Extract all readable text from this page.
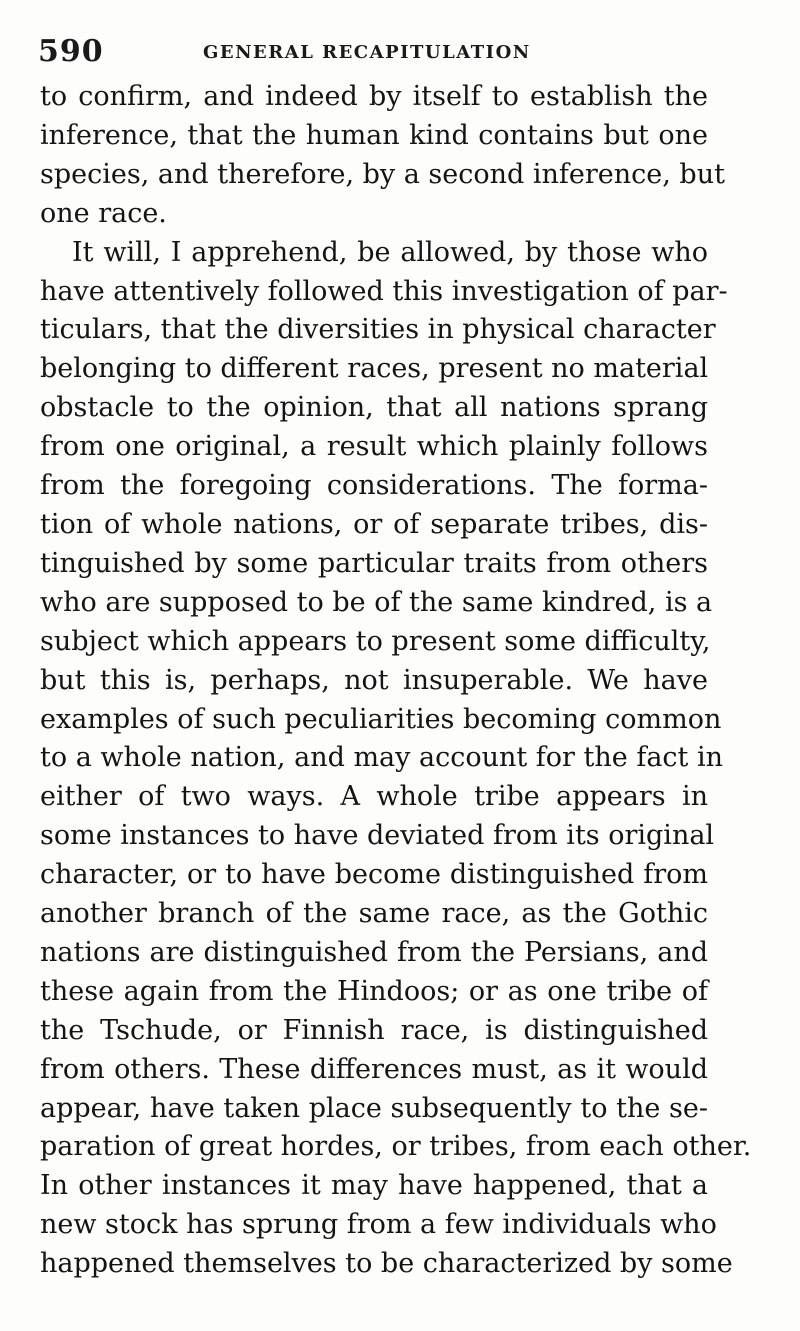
590	GENERAL RECAPITULATION
to confirm, and indeed by itself to establish the
inference, that the human kind contains but one
species, and therefore, by a second inference, but
one race.
It will, I apprehend, be allowed, by those who
have attentively followed this investigation of par-
ticulars, that the diversities in physical character
belonging to different races, present no material
obstacle to the opinion, that all nations sprang
from one original, a result which plainly follows
from the foregoing considerations. The forma-
tion of whole nations, or of separate tribes, dis-
tinguished by some particular traits from others
who are supposed to be of the same kindred, is a
subject which appears to present some difficulty,
but this is, perhaps, not insuperable. We have
examples of such peculiarities becoming common
to a whole nation, and may account for the fact in
either of two ways. A whole tribe appears in
some instances to have deviated from its original
character, or to have become distinguished from
another branch of the same race, as the Gothic
nations are distinguished from the Persians, and
these again from the Hindoos; or as one tribe of
the Tschude, or Finnish race, is distinguished
from others. These differences must, as it would
appear, have taken place subsequently to the se-
paration of great hordes, or tribes, from each other.
In other instances it may have happened, that a
new stock has sprung from a few individuals who
happened themselves to be characterized by some
